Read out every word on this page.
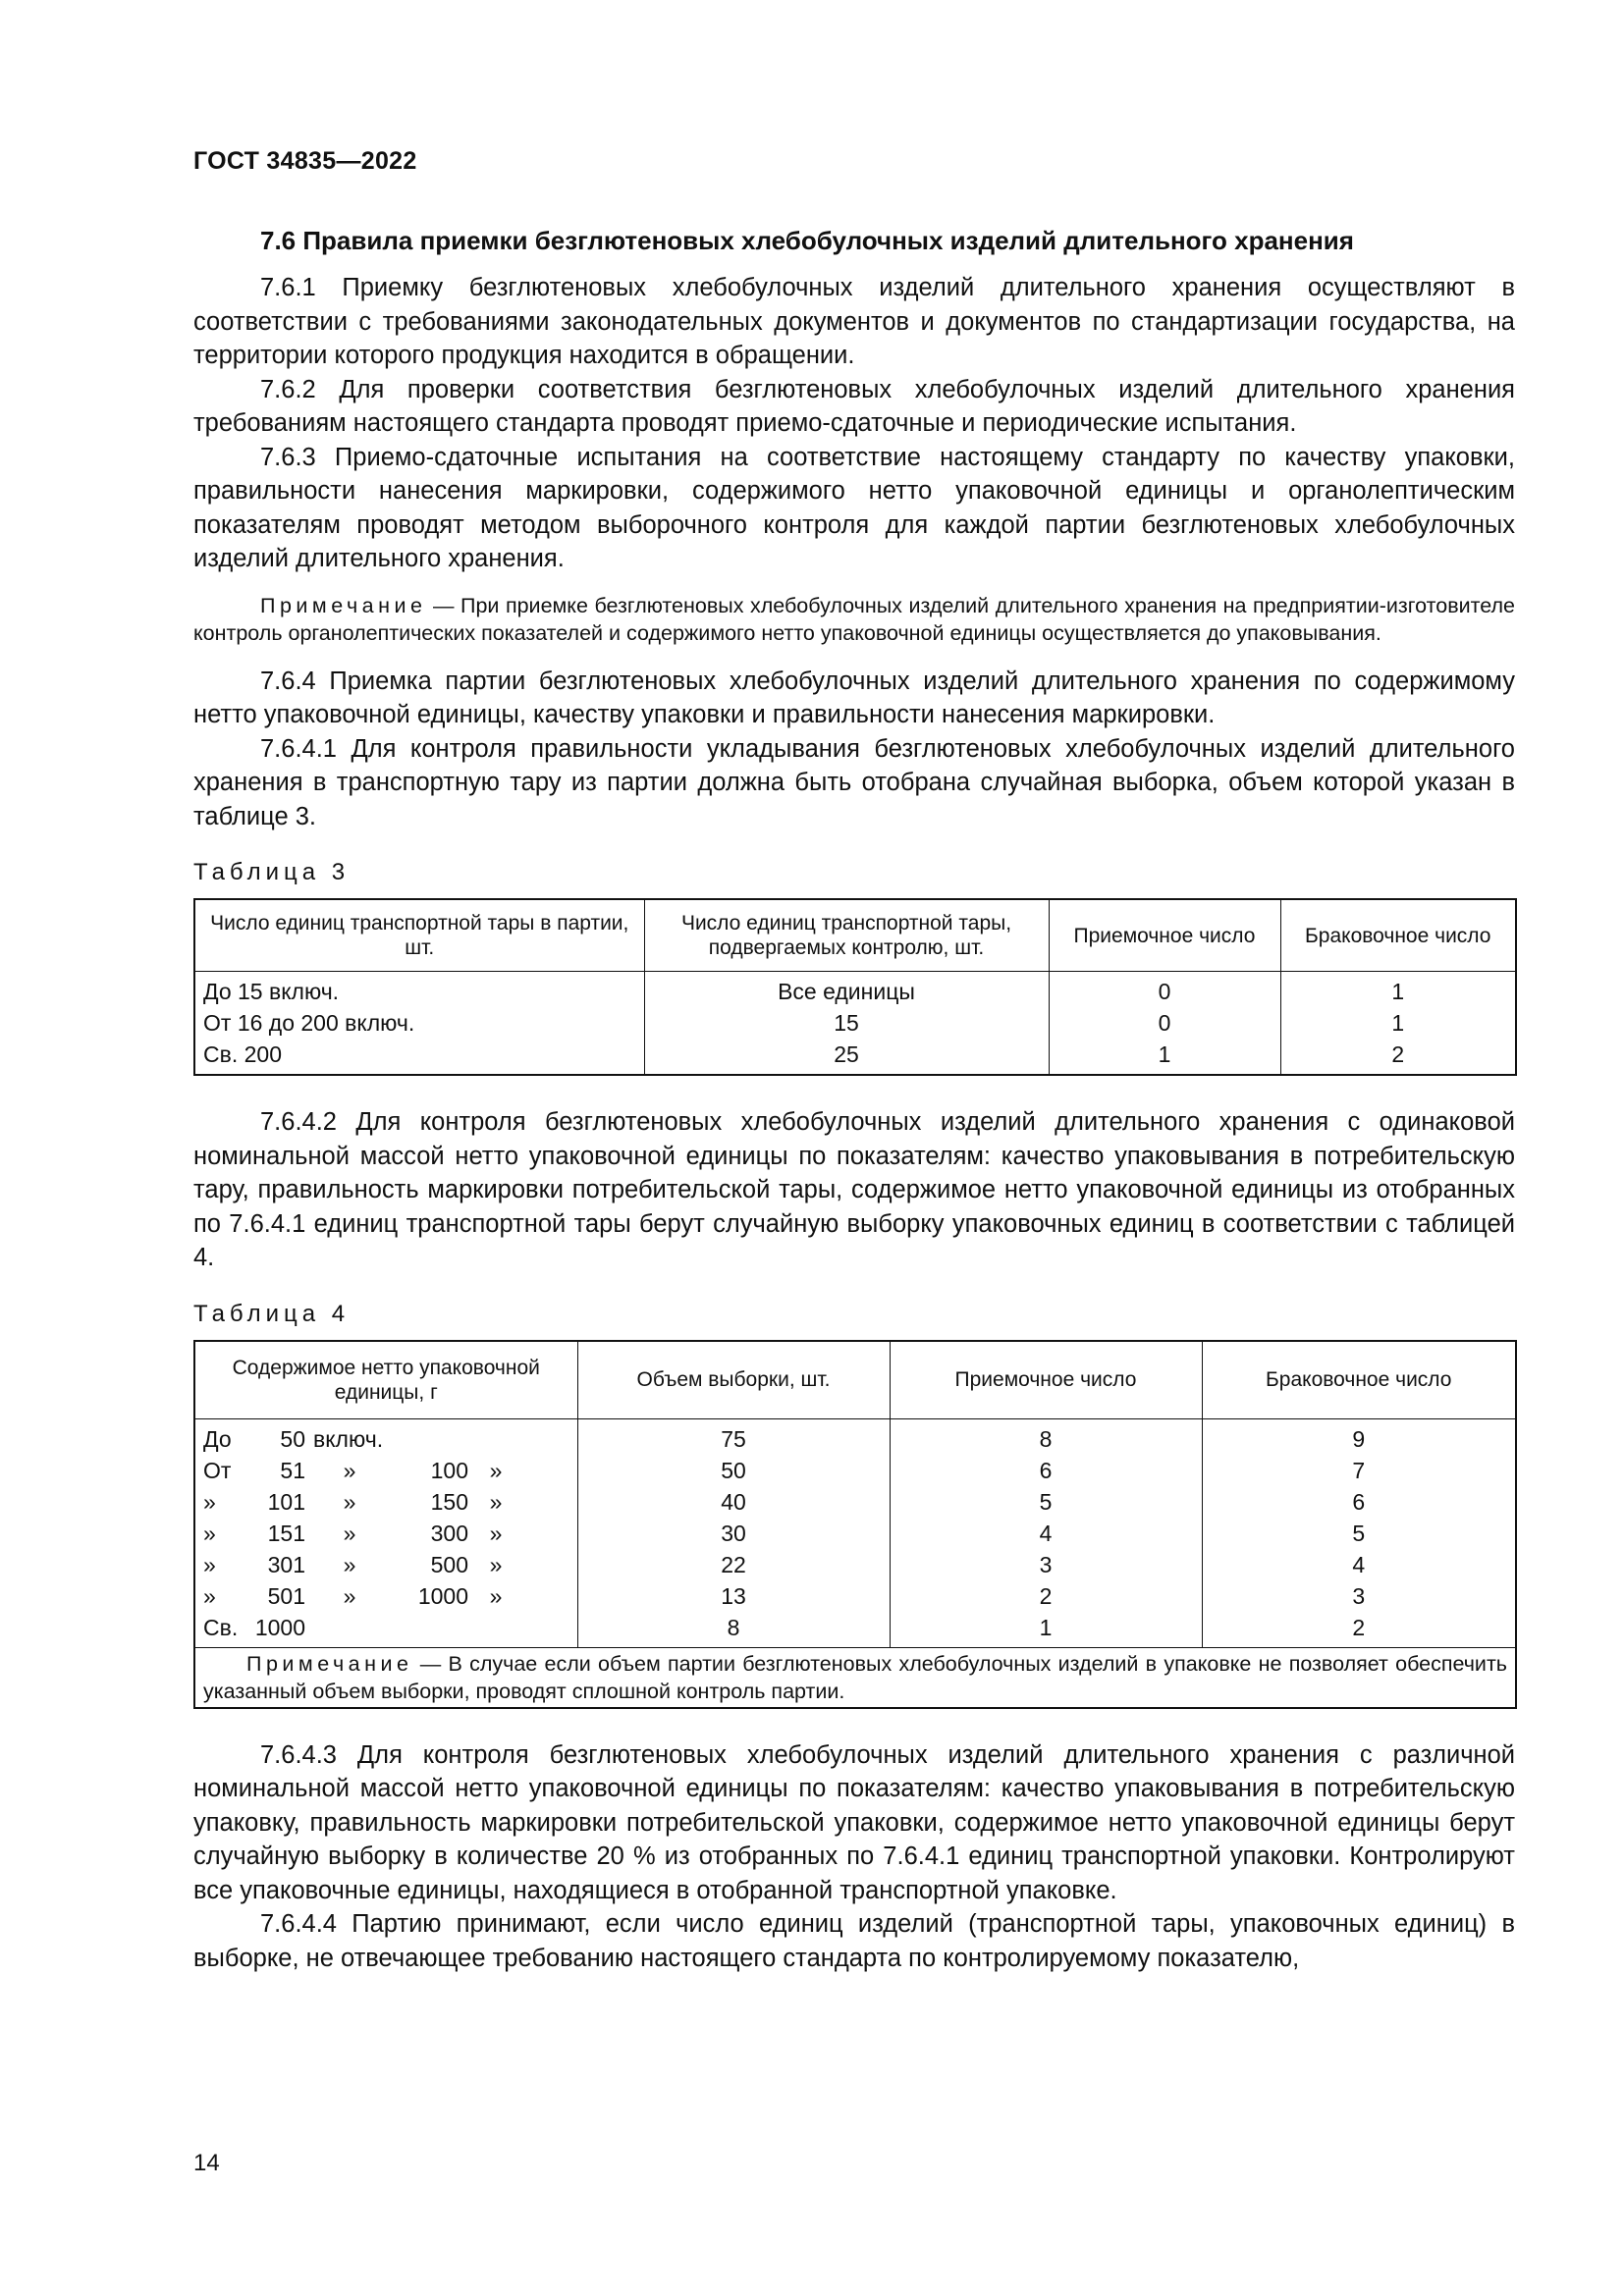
ГОСТ 34835—2022
7.6 Правила приемки безглютеновых хлебобулочных изделий длительного хранения

7.6.1 Приемку безглютеновых хлебобулочных изделий длительного хранения осуществляют в соответствии с требованиями законодательных документов и документов по стандартизации государства, на территории которого продукция находится в обращении.

7.6.2 Для проверки соответствия безглютеновых хлебобулочных изделий длительного хранения требованиям настоящего стандарта проводят приемо-сдаточные и периодические испытания.

7.6.3 Приемо-сдаточные испытания на соответствие настоящему стандарту по качеству упаковки, правильности нанесения маркировки, содержимого нетто упаковочной единицы и органолептическим показателям проводят методом выборочного контроля для каждой партии безглютеновых хлебобулочных изделий длительного хранения.

Примечание — При приемке безглютеновых хлебобулочных изделий длительного хранения на предприятии-изготовителе контроль органолептических показателей и содержимого нетто упаковочной единицы осуществляется до упаковывания.

7.6.4 Приемка партии безглютеновых хлебобулочных изделий длительного хранения по содержимому нетто упаковочной единицы, качеству упаковки и правильности нанесения маркировки.

7.6.4.1 Для контроля правильности укладывания безглютеновых хлебобулочных изделий длительного хранения в транспортную тару из партии должна быть отобрана случайная выборка, объем которой указан в таблице 3.

Таблица 3
Число единиц транспортной тары в партии, шт.	Число единиц транспортной тары, подвергаемых контролю, шт.	Приемочное число	Браковочное число
До 15 включ.	Все единицы	0	1
От 16 до 200 включ.	15	0	1
Св. 200	25	1	2

7.6.4.2 Для контроля безглютеновых хлебобулочных изделий длительного хранения с одинаковой номинальной массой нетто упаковочной единицы по показателям: качество упаковывания в потребительскую тару, правильность маркировки потребительской тары, содержимое нетто упаковочной единицы из отобранных по 7.6.4.1 единиц транспортной тары берут случайную выборку упаковочных единиц в соответствии с таблицей 4.

Таблица 4
Содержимое нетто упаковочной единицы, г	Объем выборки, шт.	Приемочное число	Браковочное число

До 50 включ.	75	8	9

От 51 » 100 »	50	6	7

» 101 » 150 »	40	5	6

» 151 » 300 »	30	4	5

» 301 » 500 »	22	3	4

» 501 » 1000 »	13	2	3

Св. 1000	8	1	2
Примечание — В случае если объем партии безглютеновых хлебобулочных изделий в упаковке не позволяет обеспечить указанный объем выборки, проводят сплошной контроль партии.			

7.6.4.3 Для контроля безглютеновых хлебобулочных изделий длительного хранения с различной номинальной массой нетто упаковочной единицы по показателям: качество упаковывания в потребительскую упаковку, правильность маркировки потребительской упаковки, содержимое нетто упаковочной единицы берут случайную выборку в количестве 20 % из отобранных по 7.6.4.1 единиц транспортной упаковки. Контролируют все упаковочные единицы, находящиеся в отобранной транспортной упаковке.

7.6.4.4 Партию принимают, если число единиц изделий (транспортной тары, упаковочных единиц) в выборке, не отвечающее требованию настоящего стандарта по контролируемому показателю,

14
